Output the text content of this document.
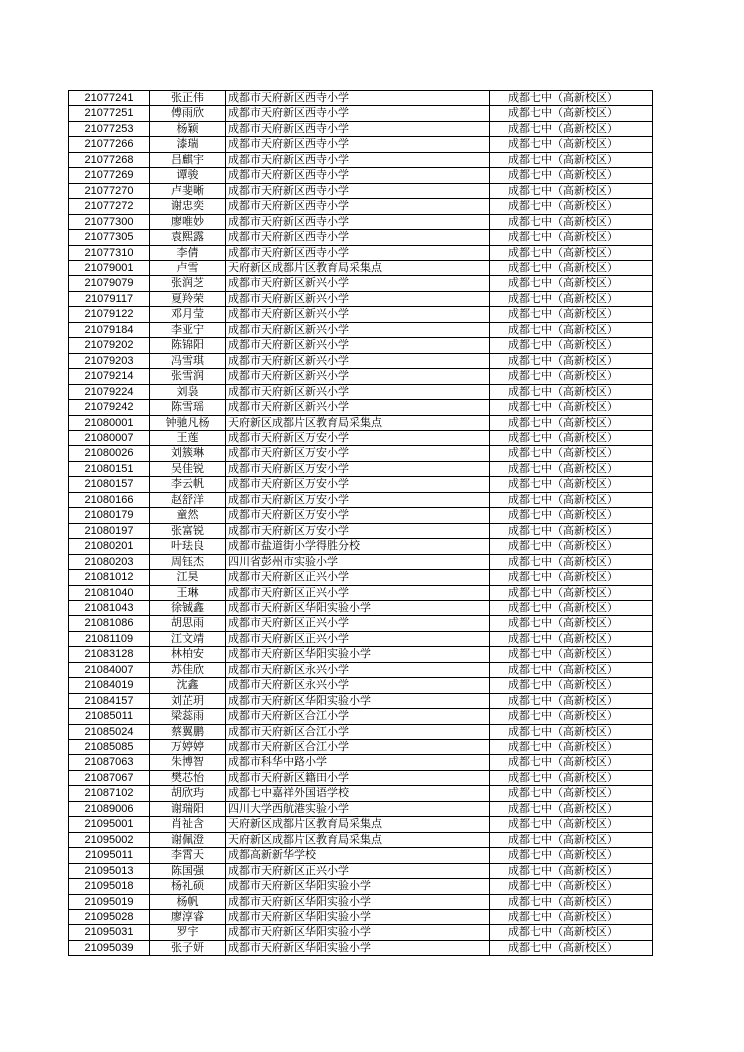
21077241	张正伟	成都市天府新区西寺小学	成都七中（高新校区）
21077251	傅雨欣	成都市天府新区西寺小学	成都七中（高新校区）
21077253	杨颖	成都市天府新区西寺小学	成都七中（高新校区）
21077266	漆瑞	成都市天府新区西寺小学	成都七中（高新校区）
21077268	吕麒宇	成都市天府新区西寺小学	成都七中（高新校区）
21077269	谭骏	成都市天府新区西寺小学	成都七中（高新校区）
21077270	卢斐晰	成都市天府新区西寺小学	成都七中（高新校区）
21077272	谢忠奕	成都市天府新区西寺小学	成都七中（高新校区）
21077300	廖唯妙	成都市天府新区西寺小学	成都七中（高新校区）
21077305	袁熙露	成都市天府新区西寺小学	成都七中（高新校区）
21077310	李倩	成都市天府新区西寺小学	成都七中（高新校区）
21079001	卢雪	天府新区成都片区教育局采集点	成都七中（高新校区）
21079079	张润芝	成都市天府新区新兴小学	成都七中（高新校区）
21079117	夏羚荣	成都市天府新区新兴小学	成都七中（高新校区）
21079122	邓月莹	成都市天府新区新兴小学	成都七中（高新校区）
21079184	李亚宁	成都市天府新区新兴小学	成都七中（高新校区）
21079202	陈锦阳	成都市天府新区新兴小学	成都七中（高新校区）
21079203	冯雪琪	成都市天府新区新兴小学	成都七中（高新校区）
21079214	张雪润	成都市天府新区新兴小学	成都七中（高新校区）
21079224	刘袅	成都市天府新区新兴小学	成都七中（高新校区）
21079242	陈雪瑶	成都市天府新区新兴小学	成都七中（高新校区）
21080001	钟驰凡杨	天府新区成都片区教育局采集点	成都七中（高新校区）
21080007	王莲	成都市天府新区万安小学	成都七中（高新校区）
21080026	刘簇琳	成都市天府新区万安小学	成都七中（高新校区）
21080151	吴佳锐	成都市天府新区万安小学	成都七中（高新校区）
21080157	李云帆	成都市天府新区万安小学	成都七中（高新校区）
21080166	赵舒洋	成都市天府新区万安小学	成都七中（高新校区）
21080179	童然	成都市天府新区万安小学	成都七中（高新校区）
21080197	张富锐	成都市天府新区万安小学	成都七中（高新校区）
21080201	叶珐良	成都市盐道街小学得胜分校	成都七中（高新校区）
21080203	周钰杰	四川省彭州市实验小学	成都七中（高新校区）
21081012	江昊	成都市天府新区正兴小学	成都七中（高新校区）
21081040	王琳	成都市天府新区正兴小学	成都七中（高新校区）
21081043	徐铖鑫	成都市天府新区华阳实验小学	成都七中（高新校区）
21081086	胡思雨	成都市天府新区正兴小学	成都七中（高新校区）
21081109	江文靖	成都市天府新区正兴小学	成都七中（高新校区）
21083128	林柏安	成都市天府新区华阳实验小学	成都七中（高新校区）
21084007	苏佳欣	成都市天府新区永兴小学	成都七中（高新校区）
21084019	沈鑫	成都市天府新区永兴小学	成都七中（高新校区）
21084157	刘芷玥	成都市天府新区华阳实验小学	成都七中（高新校区）
21085011	梁蕊雨	成都市天府新区合江小学	成都七中（高新校区）
21085024	蔡翼鹏	成都市天府新区合江小学	成都七中（高新校区）
21085085	万婷婷	成都市天府新区合江小学	成都七中（高新校区）
21087063	朱博智	成都市科华中路小学	成都七中（高新校区）
21087067	樊芯怡	成都市天府新区籍田小学	成都七中（高新校区）
21087102	胡欣玙	成都七中嘉祥外国语学校	成都七中（高新校区）
21089006	谢瑞阳	四川大学西航港实验小学	成都七中（高新校区）
21095001	肖祉含	天府新区成都片区教育局采集点	成都七中（高新校区）
21095002	谢佩澄	天府新区成都片区教育局采集点	成都七中（高新校区）
21095011	李霄天	成都高新新华学校	成都七中（高新校区）
21095013	陈国强	成都市天府新区正兴小学	成都七中（高新校区）
21095018	杨礼硕	成都市天府新区华阳实验小学	成都七中（高新校区）
21095019	杨帆	成都市天府新区华阳实验小学	成都七中（高新校区）
21095028	廖淳睿	成都市天府新区华阳实验小学	成都七中（高新校区）
21095031	罗宇	成都市天府新区华阳实验小学	成都七中（高新校区）
21095039	张子妍	成都市天府新区华阳实验小学	成都七中（高新校区）
